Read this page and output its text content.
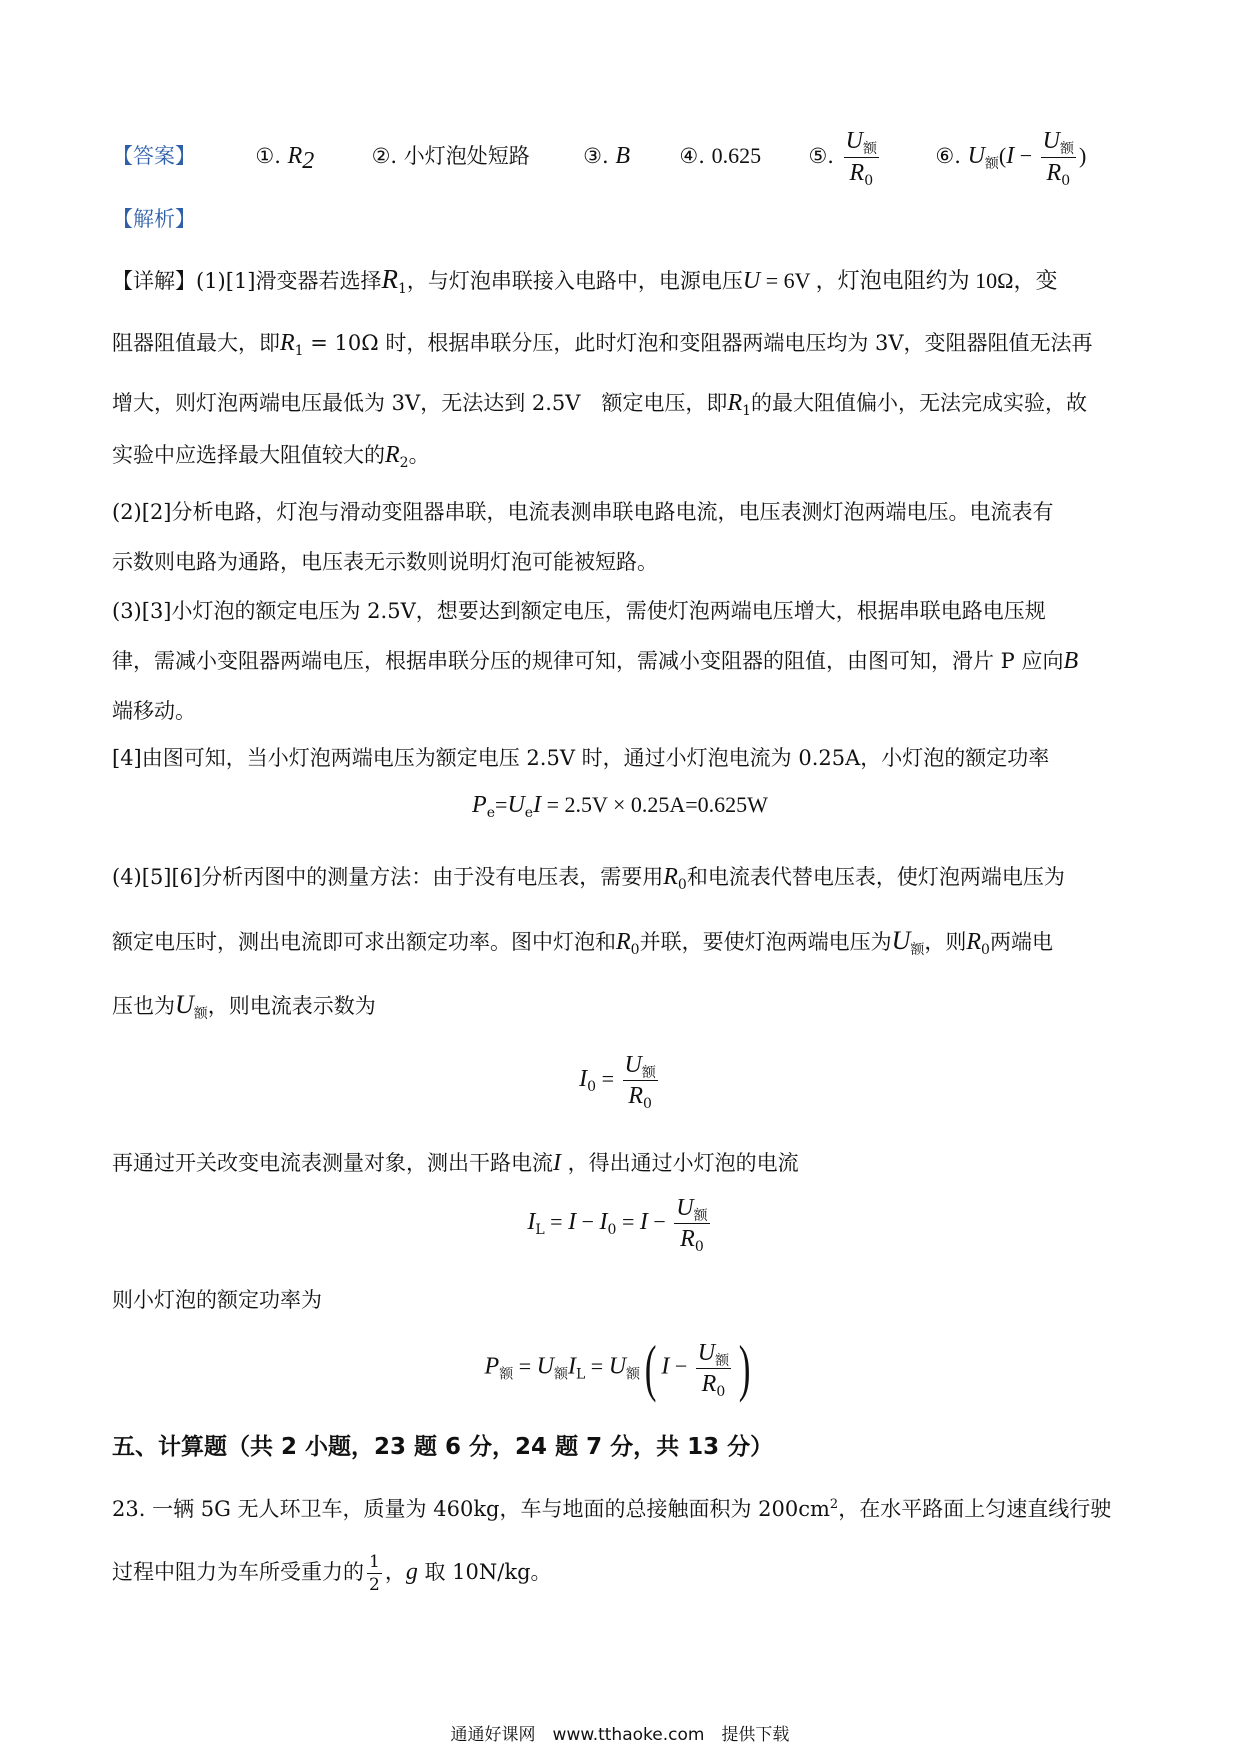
【答案】	①. $R_2$	②. 小灯泡处短路	③. B ④. 0.625 ⑤. $\frac{U_额}{R_0}$	⑥. $U_额(I - \frac{U_额}{R_0}$ )
【解析】
【详解】(1)[1]滑变器若选择$R_1$，与灯泡串联接入电路中，电源电压U = 6V ，灯泡电阻约为 10Ω，变
阻器阻值最大，即$R_1 = 10\Omega$ 时，根据串联分压，此时灯泡和变阻器两端电压均为 3V，变阻器阻值无法再
增大，则灯泡两端电压最低为 3V，无法达到 2.5V　额定电压，即$R_1$的最大阻值偏小，无法完成实验，故
实验中应选择最大阻值较大的$R_2$。
(2)[2]分析电路，灯泡与滑动变阻器串联，电流表测串联电路电流，电压表测灯泡两端电压。电流表有
示数则电路为通路，电压表无示数则说明灯泡可能被短路。
(3)[3]小灯泡的额定电压为 2.5V，想要达到额定电压，需使灯泡两端电压增大，根据串联电路电压规
律，需减小变阻器两端电压，根据串联分压的规律可知，需减小变阻器的阻值，由图可知，滑片 P 应向B
端移动。
[4]由图可知，当小灯泡两端电压为额定电压 2.5V 时，通过小灯泡电流为 0.25A，小灯泡的额定功率
$P_e=U_eI = 2.5V \times 0.25A=0.625W$
(4)[5][6]分析丙图中的测量方法：由于没有电压表，需要用$R_0$和电流表代替电压表，使灯泡两端电压为
额定电压时，测出电流即可求出额定功率。图中灯泡和$R_0$并联，要使灯泡两端电压为$U_额$，则$R_0$两端电
压也为$U_额$，则电流表示数为
$I_0 = \frac{U_额}{R_0}$
再通过开关改变电流表测量对象，测出干路电流I ，得出通过小灯泡的电流
$I_L = I - I_0 = I - \frac{U_额}{R_0}$
则小灯泡的额定功率为
$P_额 = U_额I_L = U_额$( $I - \frac{U_额}{R_0}$ )
五、计算题（共 2 小题，23 题 6 分，24 题 7 分，共 13 分）
23. 一辆 5G 无人环卫车，质量为 460kg，车与地面的总接触面积为 $200cm^2$，在水平路面上匀速直线行驶
过程中阻力为车所受重力的 $\frac{1}{2}$ ，g 取 10N/kg。
通通好课网　www.tthaoke.com　提供下载
